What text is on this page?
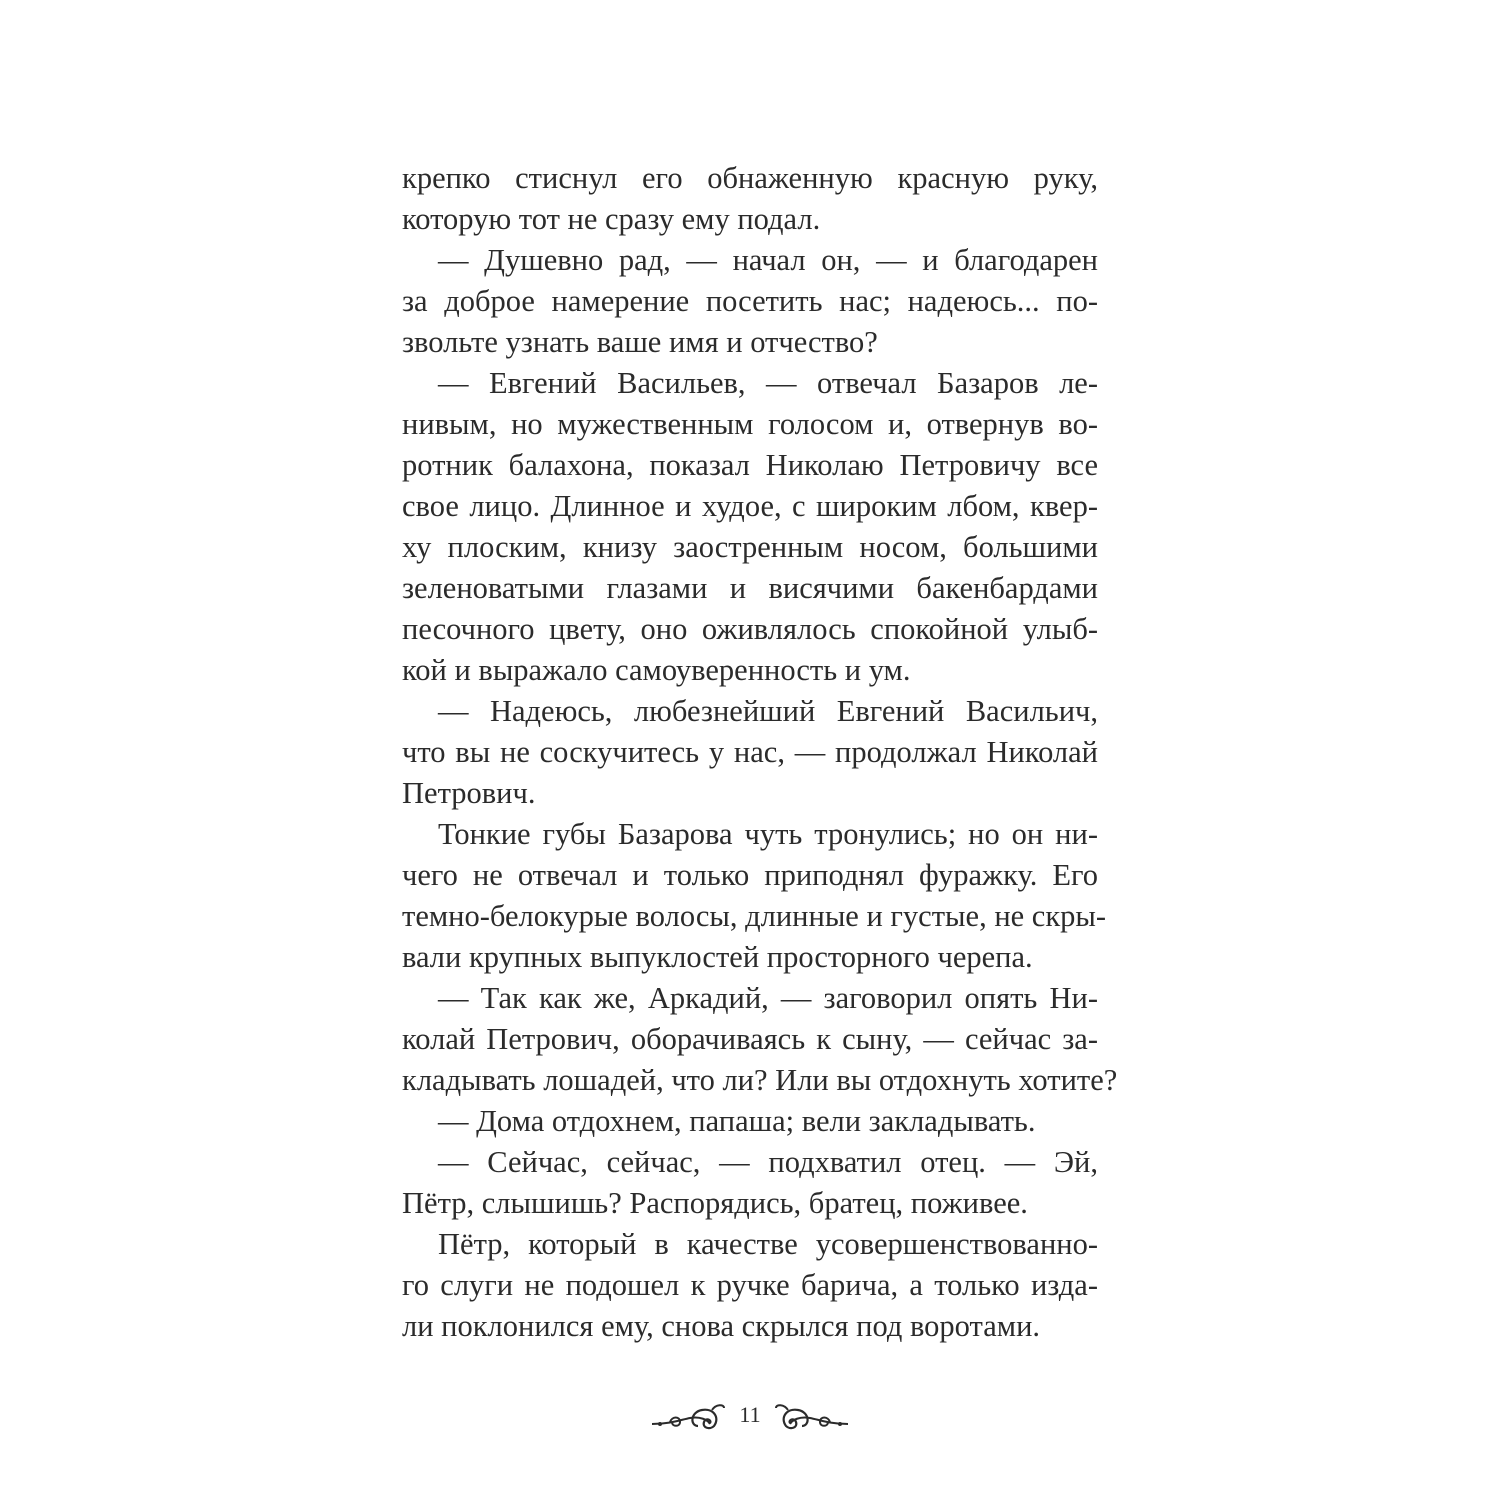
крепко стиснул его обнаженную красную руку,
которую тот не сразу ему подал.
— Душевно рад, — начал он, — и благодарен
за доброе намерение посетить нас; надеюсь... по-
звольте узнать ваше имя и отчество?
— Евгений Васильев, — отвечал Базаров ле-
нивым, но мужественным голосом и, отвернув во-
ротник балахона, показал Николаю Петровичу все
свое лицо. Длинное и худое, с широким лбом, квер-
ху плоским, книзу заостренным носом, большими
зеленоватыми глазами и висячими бакенбардами
песочного цвету, оно оживлялось спокойной улыб-
кой и выражало самоуверенность и ум.
— Надеюсь, любезнейший Евгений Васильич,
что вы не соскучитесь у нас, — продолжал Николай
Петрович.
Тонкие губы Базарова чуть тронулись; но он ни-
чего не отвечал и только приподнял фуражку. Его
темно-белокурые волосы, длинные и густые, не скры-
вали крупных выпуклостей просторного черепа.
— Так как же, Аркадий, — заговорил опять Ни-
колай Петрович, оборачиваясь к сыну, — сейчас за-
кладывать лошадей, что ли? Или вы отдохнуть хотите?
— Дома отдохнем, папаша; вели закладывать.
— Сейчас, сейчас, — подхватил отец. — Эй,
Пётр, слышишь? Распорядись, братец, поживее.
Пётр, который в качестве усовершенствованно-
го слуги не подошел к ручке барича, а только изда-
ли поклонился ему, снова скрылся под воротами.
11
